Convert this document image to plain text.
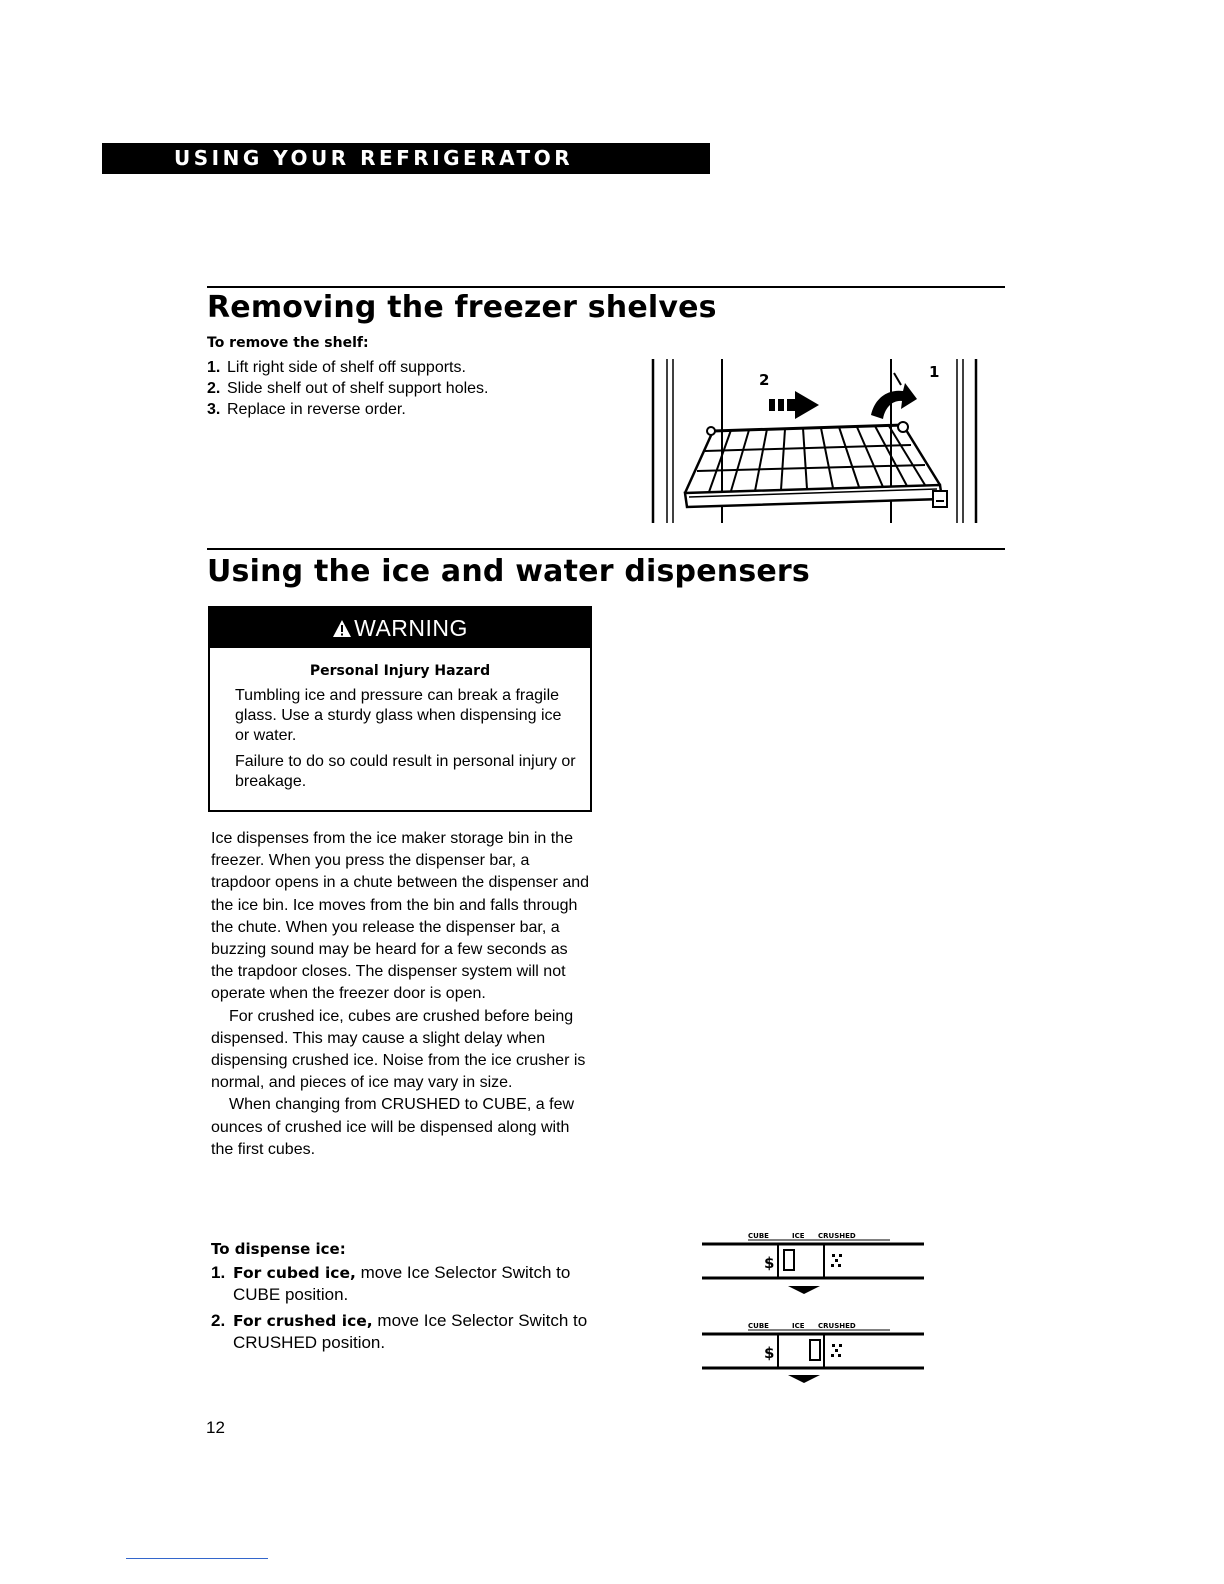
USING YOUR REFRIGERATOR
Removing the freezer shelves
To remove the shelf:
1. Lift right side of shelf off supports.
2. Slide shelf out of shelf support holes.
3. Replace in reverse order.
2	1
Using the ice and water dispensers
WARNING
Personal Injury Hazard

Tumbling ice and pressure can break a fragile glass. Use a sturdy glass when dispensing ice or water.

Failure to do so could result in personal injury or breakage.

Ice dispenses from the ice maker storage bin in the freezer. When you press the dispenser bar, a trapdoor opens in a chute between the dispenser and the ice bin. Ice moves from the bin and falls through the chute. When you release the dispenser bar, a buzzing sound may be heard for a few seconds as the trapdoor closes. The dispenser system will not operate when the freezer door is open.

For crushed ice, cubes are crushed before being dispensed. This may cause a slight delay when dispensing crushed ice. Noise from the ice crusher is normal, and pieces of ice may vary in size.

When changing from CRUSHED to CUBE, a few ounces of crushed ice will be dispensed along with the first cubes.

To dispense ice:
1. For cubed ice, move Ice Selector Switch to CUBE position.
2. For crushed ice, move Ice Selector Switch to CRUSHED position.
CUBE	ICE CRUSHED
CUBE	ICE CRUSHED
$
$
12
